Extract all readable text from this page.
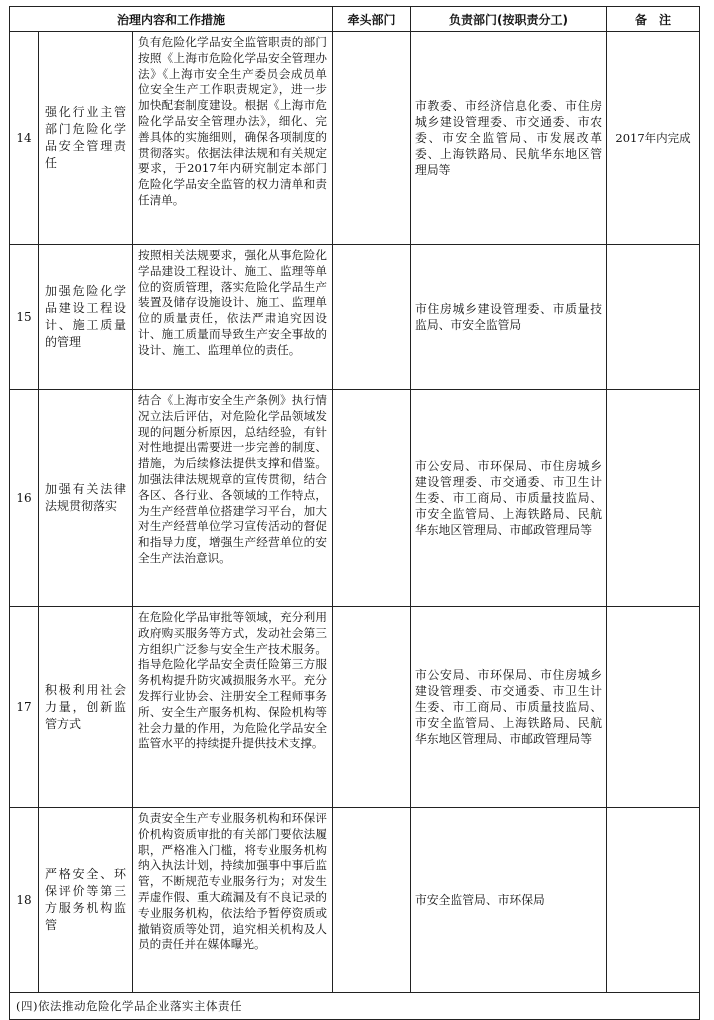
治理内容和工作措施			牵头部门	负责部门(按职责分工)	备　注
14	强化行业主管部门危险化学品安全管理责任	负有危险化学品安全监管职责的部门按照《上海市危险化学品安全管理办法》《上海市安全生产委员会成员单位安全生产工作职责规定》，进一步加快配套制度建设。根据《上海市危险化学品安全管理办法》，细化、完善具体的实施细则，确保各项制度的贯彻落实。依据法律法规和有关规定要求，于2017年内研究制定本部门危险化学品安全监管的权力清单和责任清单。		市教委、市经济信息化委、市住房城乡建设管理委、市交通委、市农委、市安全监管局、市发展改革委、上海铁路局、民航华东地区管理局等	2017年内完成
15	加强危险化学品建设工程设计、施工质量的管理	按照相关法规要求，强化从事危险化学品建设工程设计、施工、监理等单位的资质管理，落实危险化学品生产装置及储存设施设计、施工、监理单位的质量责任，依法严肃追究因设计、施工质量而导致生产安全事故的设计、施工、监理单位的责任。		市住房城乡建设管理委、市质量技监局、市安全监管局	
16	加强有关法律法规贯彻落实	结合《上海市安全生产条例》执行情况立法后评估，对危险化学品领域发现的问题分析原因，总结经验，有针对性地提出需要进一步完善的制度、措施，为后续修法提供支撑和借鉴。加强法律法规规章的宣传贯彻，结合各区、各行业、各领域的工作特点，为生产经营单位搭建学习平台，加大对生产经营单位学习宣传活动的督促和指导力度，增强生产经营单位的安全生产法治意识。		市公安局、市环保局、市住房城乡建设管理委、市交通委、市卫生计生委、市工商局、市质量技监局、市安全监管局、上海铁路局、民航华东地区管理局、市邮政管理局等	
17	积极利用社会力量，创新监管方式	在危险化学品审批等领域，充分利用政府购买服务等方式，发动社会第三方组织广泛参与安全生产技术服务。指导危险化学品安全责任险第三方服务机构提升防灾减损服务水平。充分发挥行业协会、注册安全工程师事务所、安全生产服务机构、保险机构等社会力量的作用，为危险化学品安全监管水平的持续提升提供技术支撑。		市公安局、市环保局、市住房城乡建设管理委、市交通委、市卫生计生委、市工商局、市质量技监局、市安全监管局、上海铁路局、民航华东地区管理局、市邮政管理局等	
18	严格安全、环保评价等第三方服务机构监管	负责安全生产专业服务机构和环保评价机构资质审批的有关部门要依法履职，严格准入门槛，将专业服务机构纳入执法计划，持续加强事中事后监管，不断规范专业服务行为；对发生弄虚作假、重大疏漏及有不良记录的专业服务机构，依法给予暂停资质或撤销资质等处罚，追究相关机构及人员的责任并在媒体曝光。		市安全监管局、市环保局	
(四)依法推动危险化学品企业落实主体责任					
